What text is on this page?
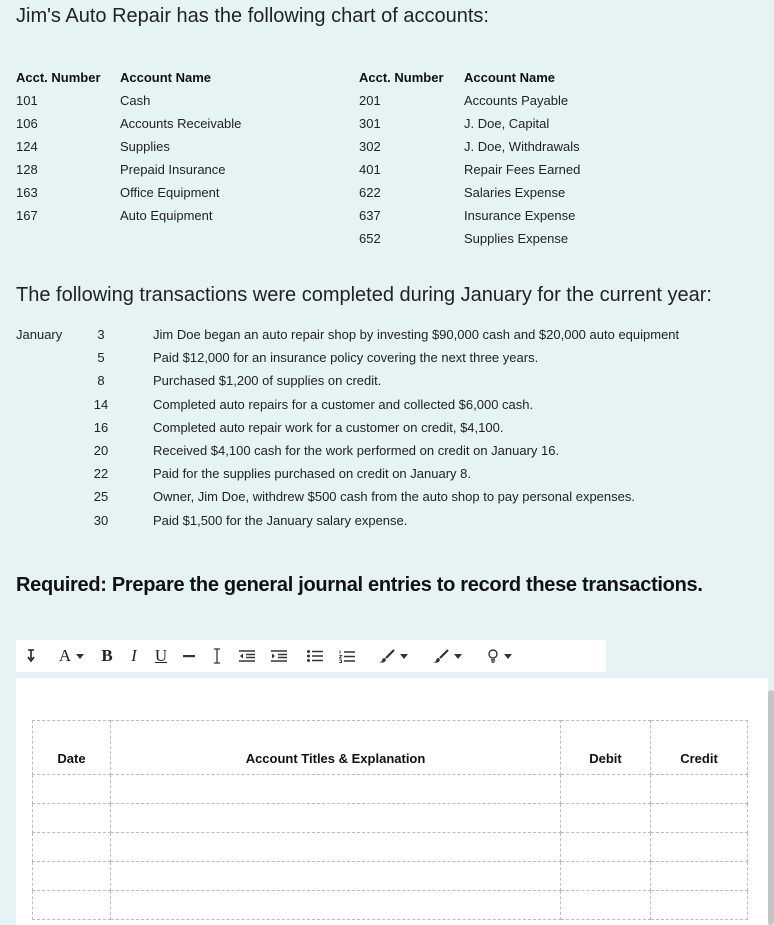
Jim's Auto Repair has the following chart of accounts:
Acct. Number Account Name
101	Cash
106	Accounts Receivable
124	Supplies
128	Prepaid Insurance
163	Office Equipment
167	Auto Equipment
Acct. Number Account Name
201	Accounts Payable
301	J. Doe, Capital
302	J. Doe, Withdrawals
401	Repair Fees Earned
622	Salaries Expense
637	Insurance Expense
652	Supplies Expense
The following transactions were completed during January for the current year:
January	3	Jim Doe began an auto repair shop by investing $90,000 cash and $20,000 auto equipment
5	Paid $12,000 for an insurance policy covering the next three years.
8	Purchased $1,200 of supplies on credit.
14	Completed auto repairs for a customer and collected $6,000 cash.
16	Completed auto repair work for a customer on credit, $4,100.
20	Received $4,100 cash for the work performed on credit on January 16.
22	Paid for the supplies purchased on credit on January 8.
25	Owner, Jim Doe, withdrew $500 cash from the auto shop to pay personal expenses.
30	Paid $1,500 for the January salary expense.
Required: Prepare the general journal entries to record these transactions.
A	B	I	U
Date	Account Titles & Explanation	Debit	Credit
